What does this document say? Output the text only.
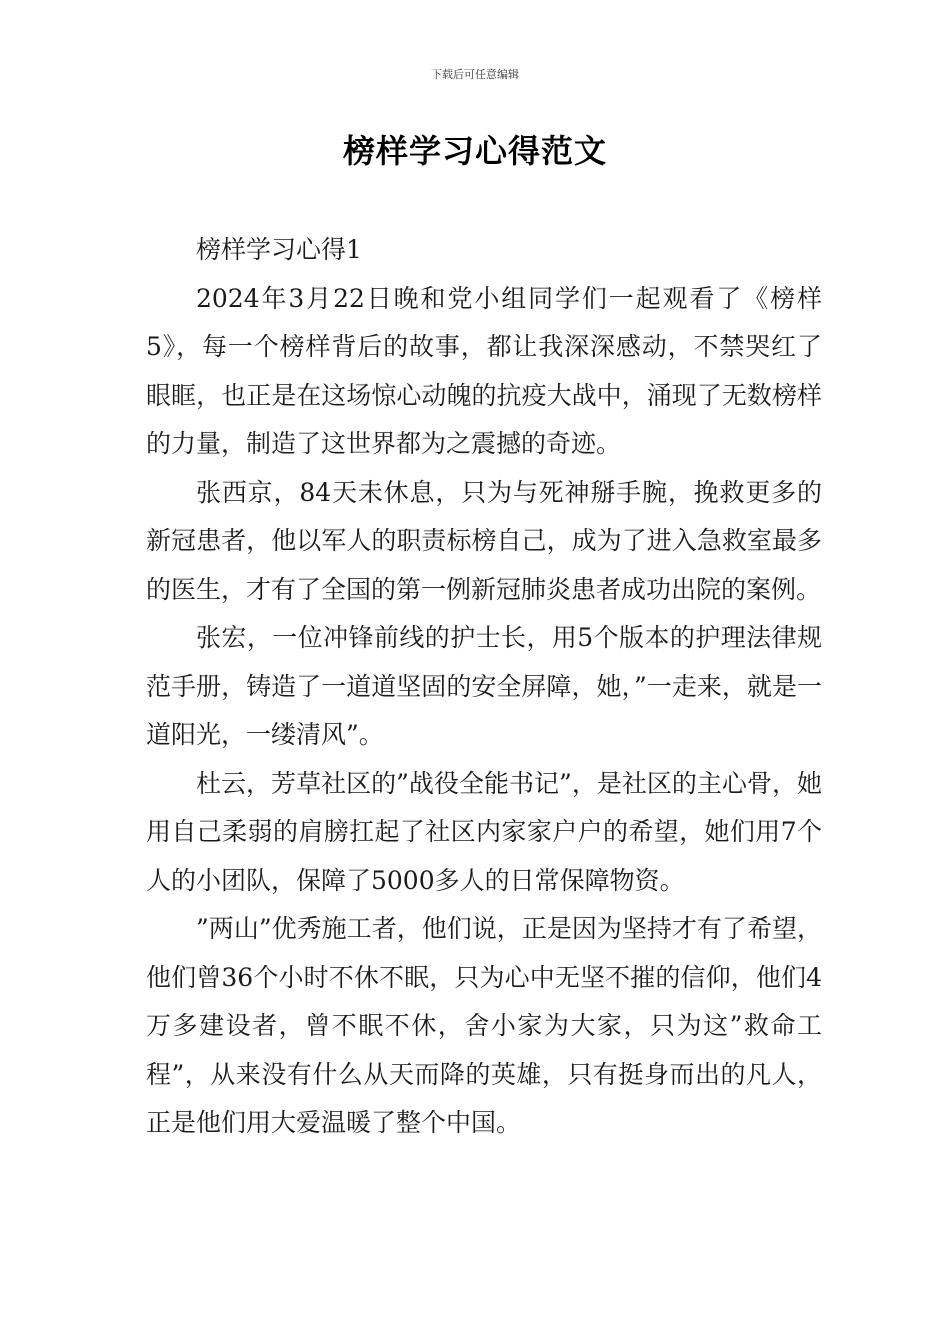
下载后可任意编辑
榜样学习心得范文

榜样学习心得1

2024年3月22日晚和党小组同学们一起观看了《榜样5》，每一个榜样背后的故事，都让我深深感动，不禁哭红了眼眶，也正是在这场惊心动魄的抗疫大战中，涌现了无数榜样的力量，制造了这世界都为之震撼的奇迹。

张西京，84天未休息，只为与死神掰手腕，挽救更多的新冠患者，他以军人的职责标榜自己，成为了进入急救室最多的医生，才有了全国的第一例新冠肺炎患者成功出院的案例。

张宏，一位冲锋前线的护士长，用5个版本的护理法律规范手册，铸造了一道道坚固的安全屏障，她，”一走来，就是一道阳光，一缕清风”。

杜云，芳草社区的”战役全能书记”，是社区的主心骨，她用自己柔弱的肩膀扛起了社区内家家户户的希望，她们用7个人的小团队，保障了5000多人的日常保障物资。

”两山”优秀施工者，他们说，正是因为坚持才有了希望，他们曾36个小时不休不眠，只为心中无坚不摧的信仰，他们4万多建设者，曾不眠不休，舍小家为大家，只为这”救命工程”，从来没有什么从天而降的英雄，只有挺身而出的凡人，正是他们用大爱温暖了整个中国。
